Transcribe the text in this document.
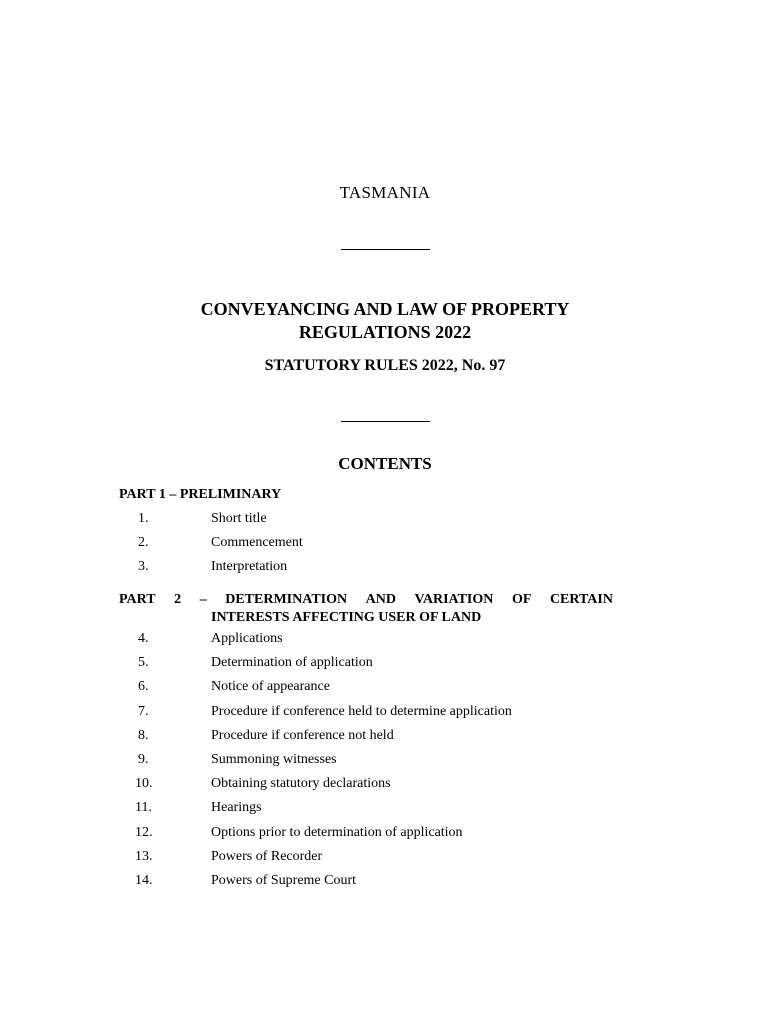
TASMANIA
CONVEYANCING AND LAW OF PROPERTY
REGULATIONS 2022
STATUTORY RULES 2022, No. 97
CONTENTS
PART 1 – PRELIMINARY
1.	Short title
2.	Commencement
3.	Interpretation
PART 2 – DETERMINATION AND VARIATION OF CERTAIN
INTERESTS AFFECTING USER OF LAND
4.	Applications
5.	Determination of application
6.	Notice of appearance
7.	Procedure if conference held to determine application
8.	Procedure if conference not held
9.	Summoning witnesses
10.	Obtaining statutory declarations
11.	Hearings
12.	Options prior to determination of application
13.	Powers of Recorder
14.	Powers of Supreme Court
